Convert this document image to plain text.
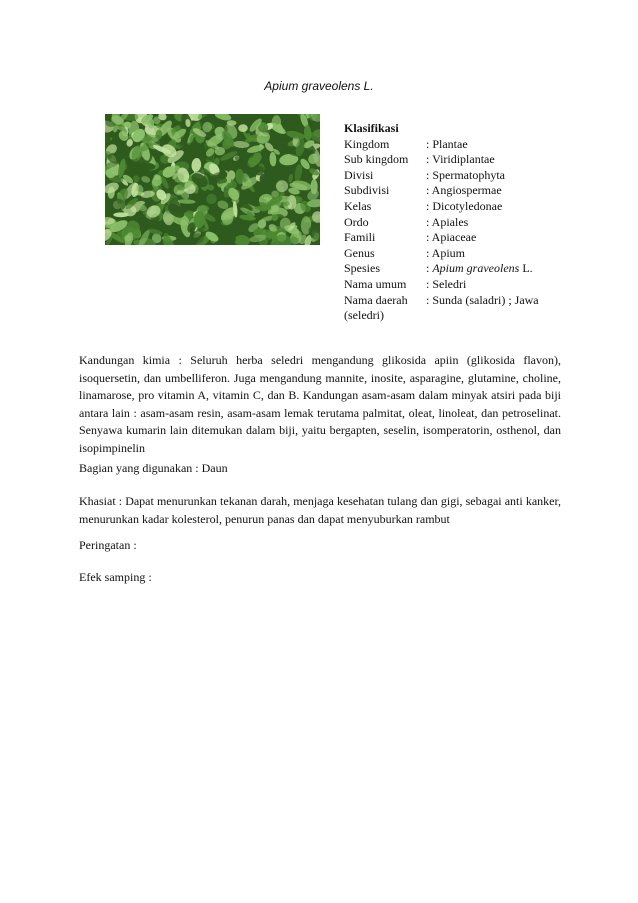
Apium graveolens L.
Klasifikasi
Kingdom	: Plantae
Sub kingdom	: Viridiplantae
Divisi	: Spermatophyta
Subdivisi	: Angiospermae
Kelas	: Dicotyledonae
Ordo	: Apiales
Famili	: Apiaceae
Genus	: Apium
Spesies	: Apium graveolens L.
Nama umum	: Seledri
Nama daerah	: Sunda (saladri) ; Jawa
(seledri)
Kandungan kimia : Seluruh herba seledri mengandung glikosida apiin (glikosida flavon), isoquersetin, dan umbelliferon. Juga mengandung mannite, inosite, asparagine, glutamine, choline, linamarose, pro vitamin A, vitamin C, dan B. Kandungan asam-asam dalam minyak atsiri pada biji antara lain : asam-asam resin, asam-asam lemak terutama palmitat, oleat, linoleat, dan petroselinat. Senyawa kumarin lain ditemukan dalam biji, yaitu bergapten, seselin, isomperatorin, osthenol, dan isopimpinelin
Bagian yang digunakan : Daun
Khasiat : Dapat menurunkan tekanan darah, menjaga kesehatan tulang dan gigi, sebagai anti kanker, menurunkan kadar kolesterol, penurun panas dan dapat menyuburkan rambut
Peringatan :
Efek samping :
